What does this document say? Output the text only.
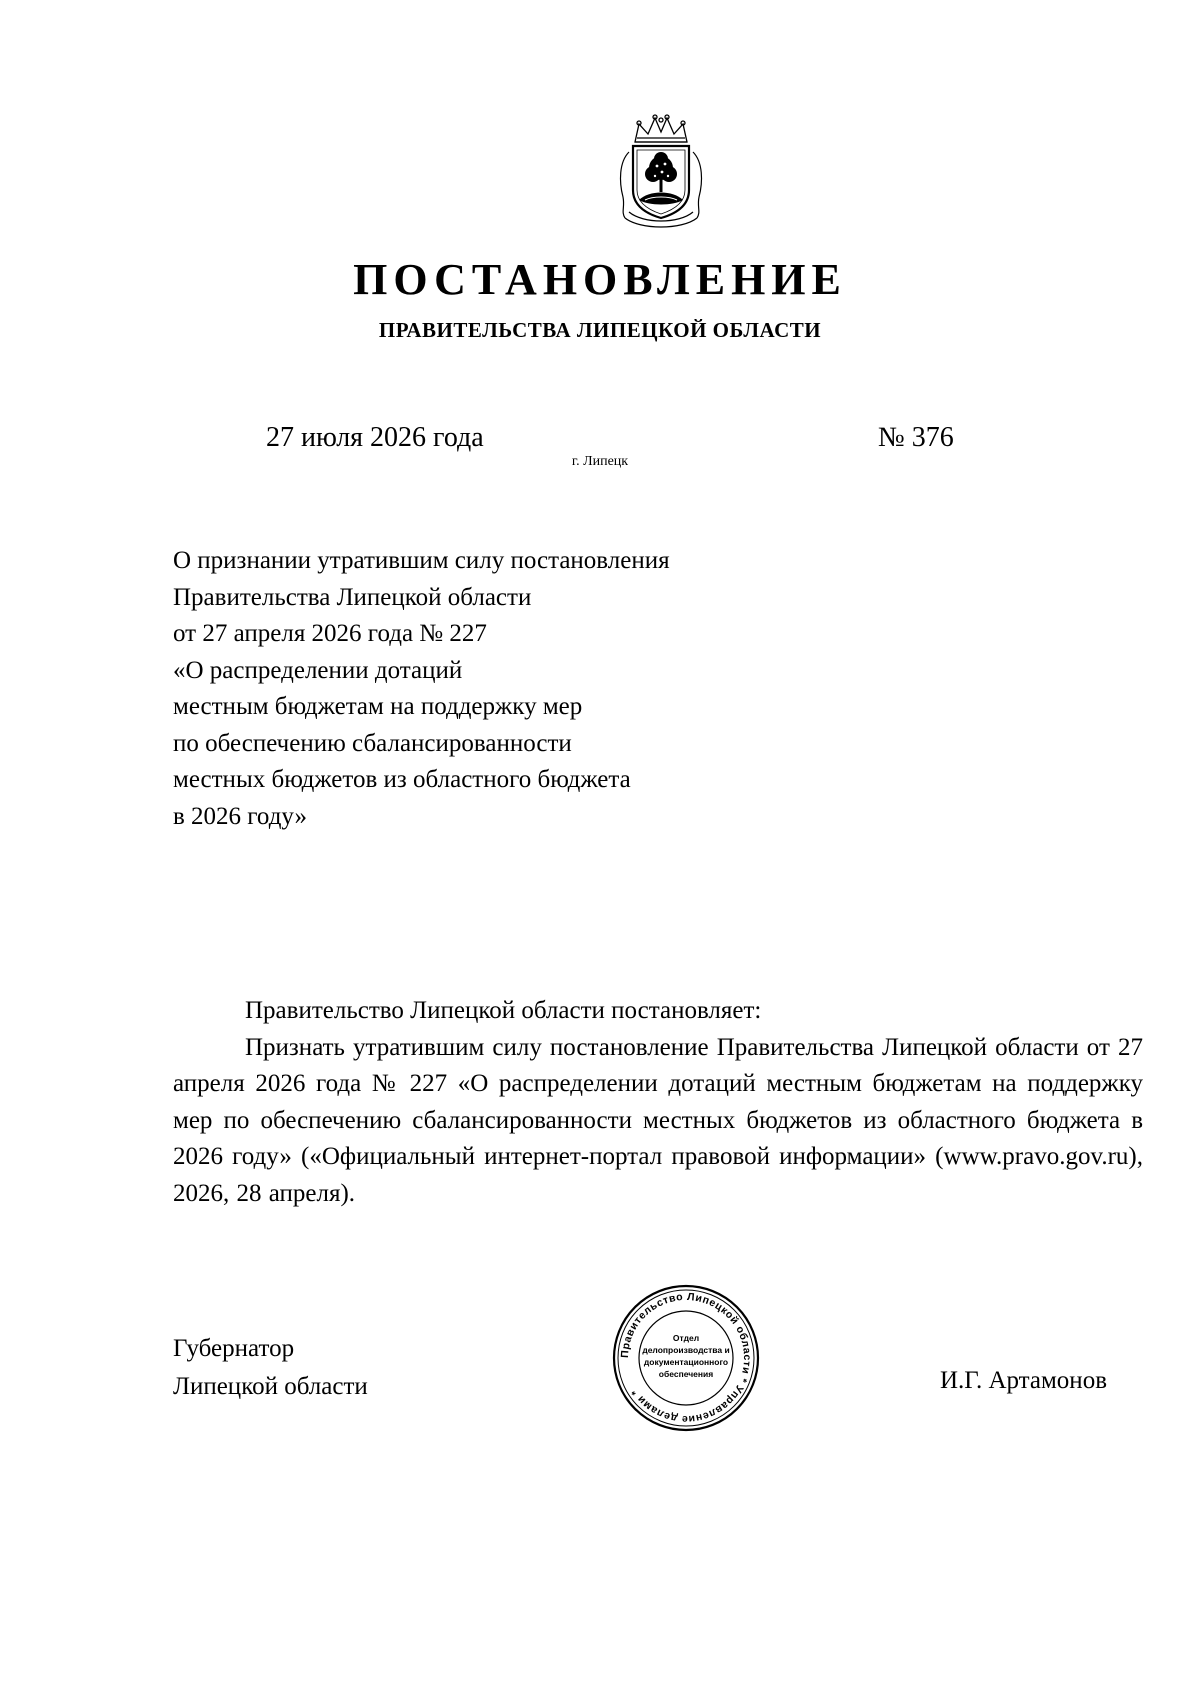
ПОСТАНОВЛЕНИЕ
ПРАВИТЕЛЬСТВА ЛИПЕЦКОЙ ОБЛАСТИ
27 июля 2026 года
г. Липецк
№ 376
О признании утратившим силу постановления
Правительства Липецкой области
от 27 апреля 2026 года № 227
«О распределении дотаций
местным бюджетам на поддержку мер
по обеспечению сбалансированности
местных бюджетов из областного бюджета
в 2026 году»
Правительство Липецкой области постановляет:
Признать утратившим силу постановление Правительства Липецкой области от 27 апреля 2026 года № 227 «О распределении дотаций местным бюджетам на поддержку мер по обеспечению сбалансированности местных бюджетов из областного бюджета в 2026 году» («Официальный интернет-портал правовой информации» (www.pravo.gov.ru), 2026, 28 апреля).
Губернатор
Липецкой области	И.Г. Артамонов
Правительство Липецкой области * Управление делами *
Отдел
делопроизводства и
документационного
обеспечения
